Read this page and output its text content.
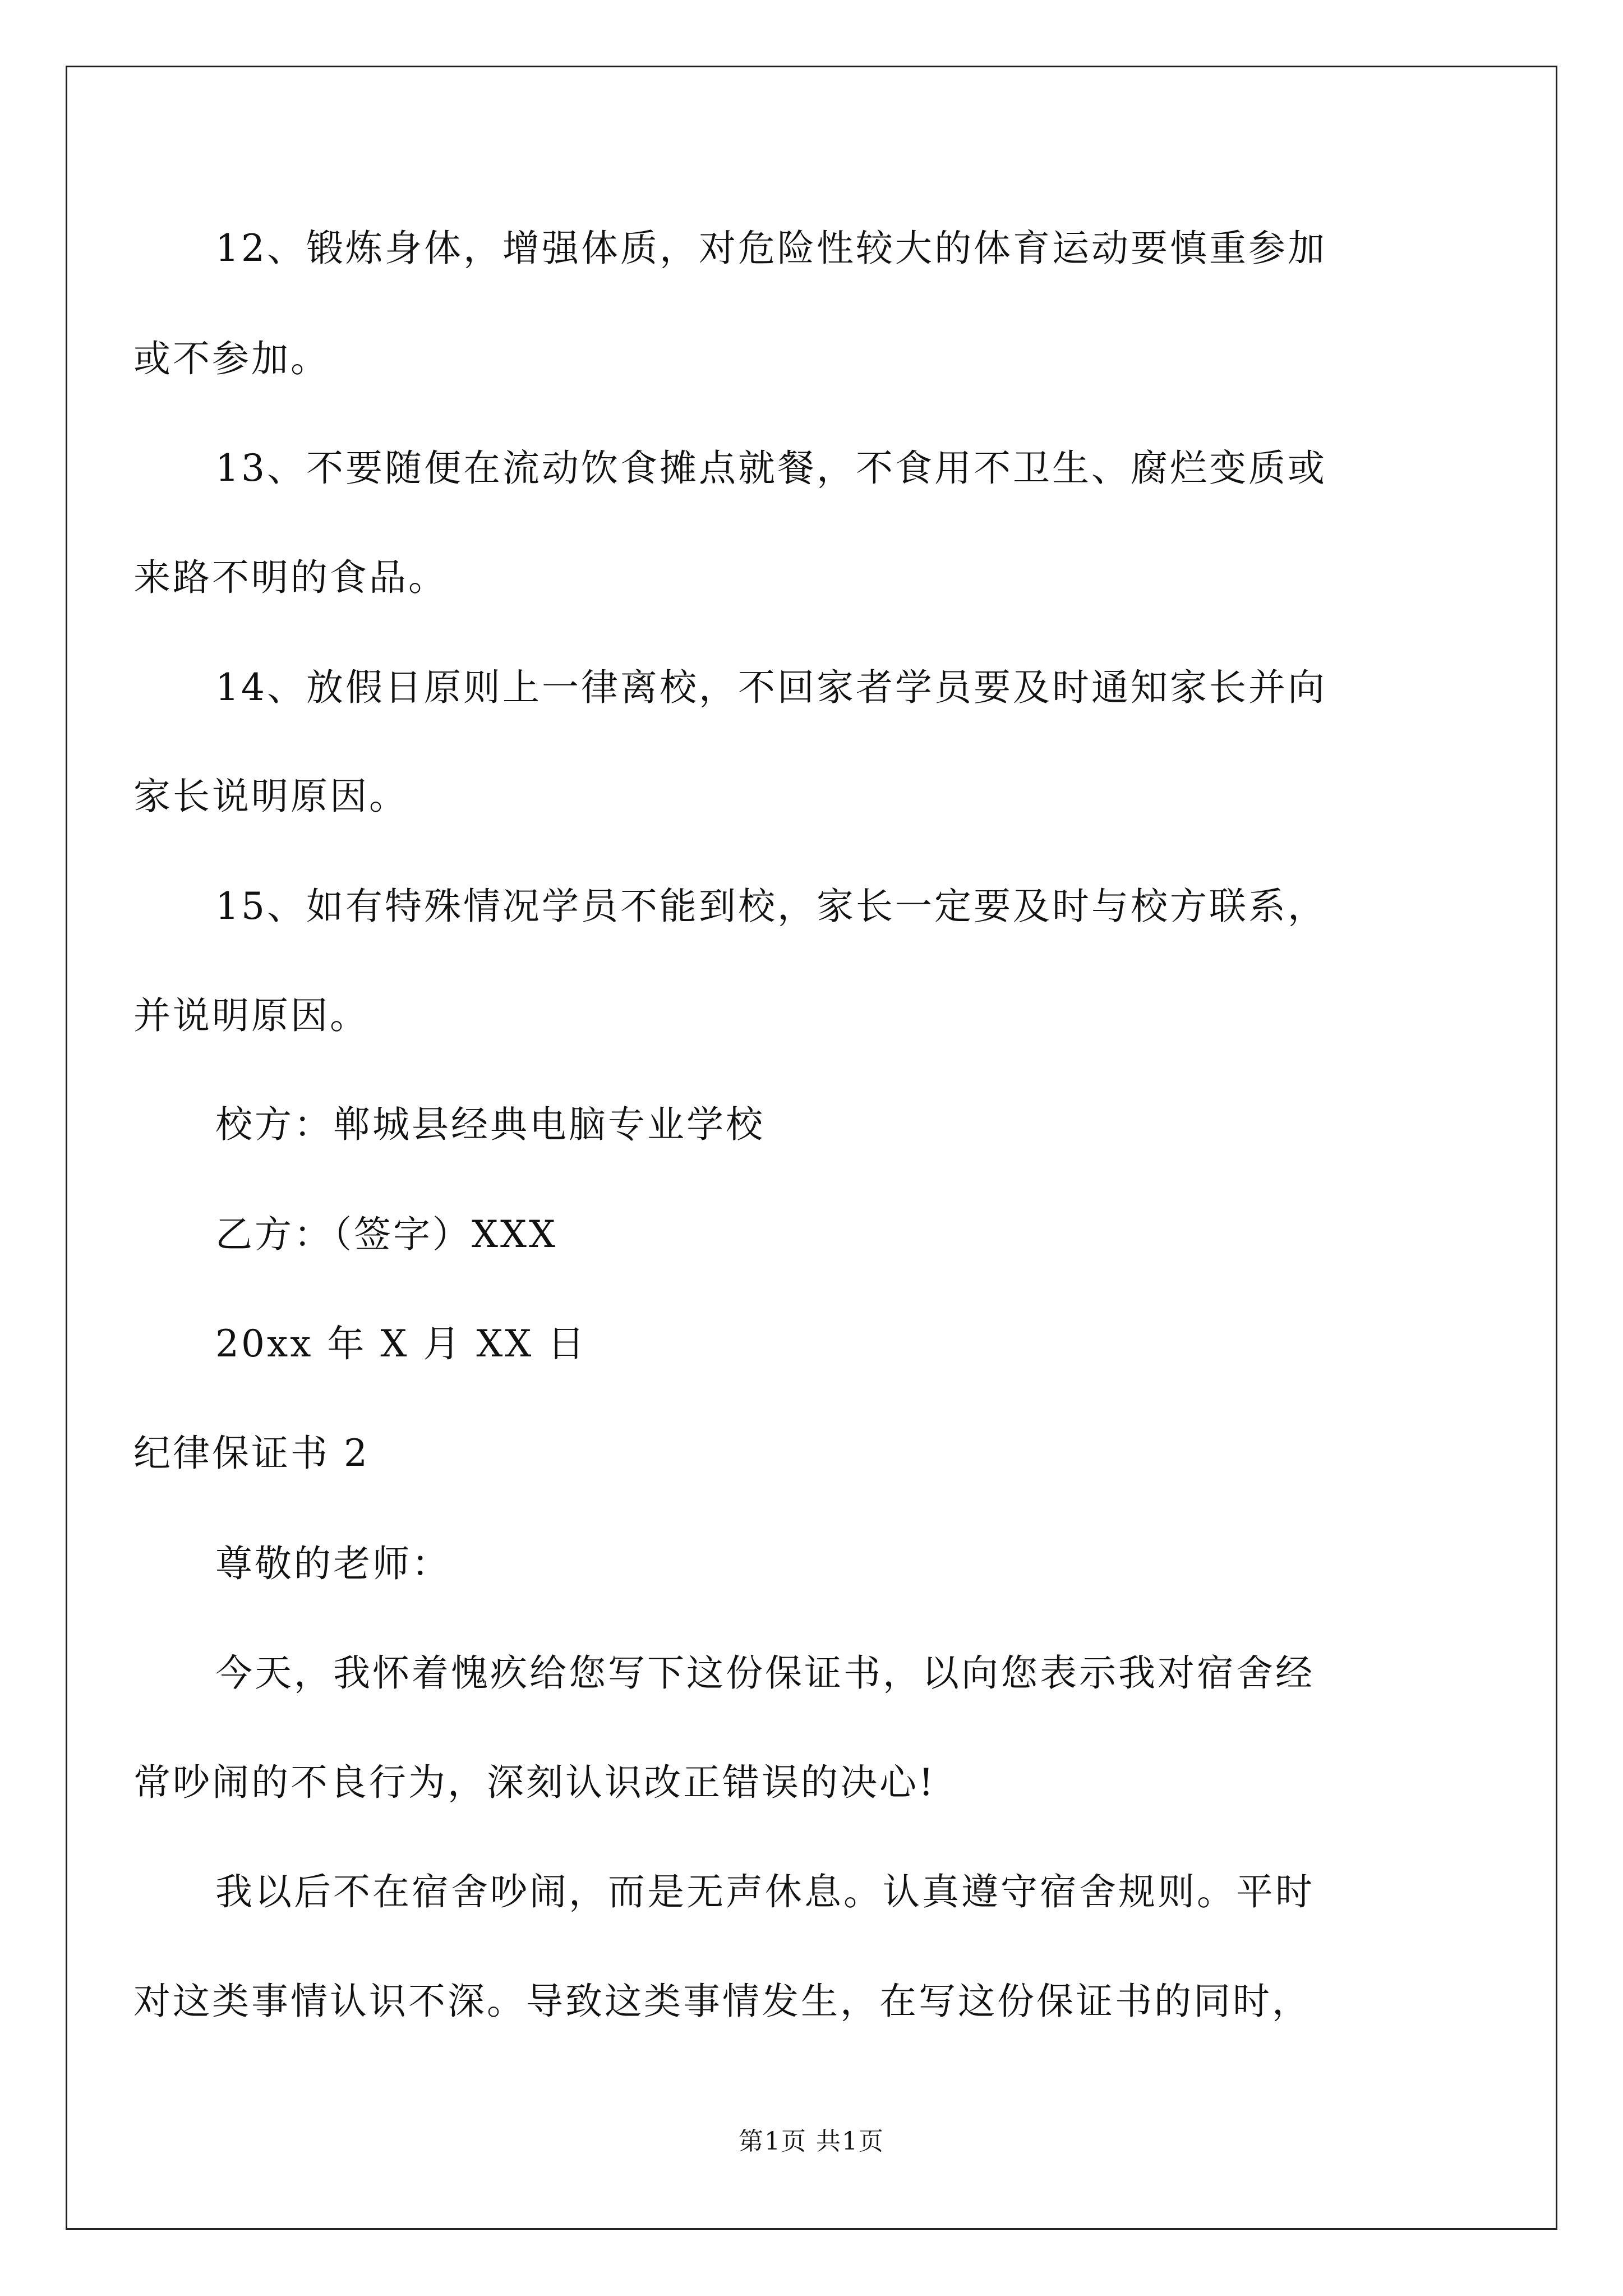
12、锻炼身体，增强体质，对危险性较大的体育运动要慎重参加
或不参加。
13、不要随便在流动饮食摊点就餐，不食用不卫生、腐烂变质或
来路不明的食品。
14、放假日原则上一律离校，不回家者学员要及时通知家长并向
家长说明原因。
15、如有特殊情况学员不能到校，家长一定要及时与校方联系，
并说明原因。
校方：郸城县经典电脑专业学校
乙方：（签字）XXX
20xx 年 X 月 XX 日
纪律保证书 2
尊敬的老师：
今天，我怀着愧疚给您写下这份保证书，以向您表示我对宿舍经
常吵闹的不良行为，深刻认识改正错误的决心!
我以后不在宿舍吵闹，而是无声休息。认真遵守宿舍规则。平时
对这类事情认识不深。导致这类事情发生，在写这份保证书的同时，
第1页 共1页
